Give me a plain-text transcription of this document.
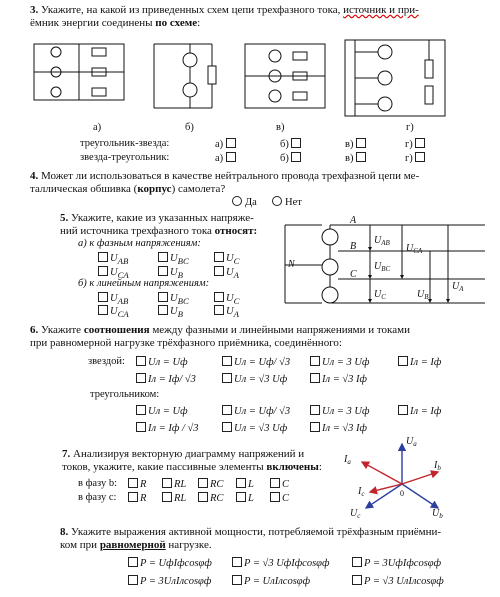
3. Укажите, на какой из приведенных схем цепи трехфазного тока, источник и при-
ёмник энергии соединены по схеме:
а)	б)	в)	г)
треугольник-звезда:	а)	б)	в)	г)
звезда-треугольник:	а)	б)	в)	г)
4. Может ли использоваться в качестве нейтрального провода трехфазной цепи ме-
таллическая обшивка (корпус) самолета?
Да	Нет
5. Укажите, какие из указанных напряже-
ний источника трехфазного тока относят:
а) к фазным напряжениям:
$U_{AB}$	$U_{BC}$	$U_C$
$U_{CA}$	$U_B$	$U_A$
б) к линейным напряжениям:
$U_{AB}$	$U_{BC}$	$U_C$
$U_{CA}$	$U_B$	$U_A$
A
B
C
N
$U_{AB}$
$U_{BC}$
$U_C$
$U_{CA}$
$U_B$
$U_A$
6. Укажите соотношения между фазными и линейными напряжениями и токами
при равномерной нагрузке трёхфазного приёмника, соединённого:
звездой:	Uл = Uф	Uл = Uф/ √3	Uл = 3 Uф	Iл = Iф
Iл = Iф/ √3	Uл = √3 Uф	Iл = √3 Iф
треугольником:
Uл = Uф	Uл = Uф/ √3	Uл = 3 Uф	Iл = Iф
Iл = Iф / √3	Uл = √3 Uф	Iл = √3 Iф
7. Анализируя векторную диаграмму напряжений и
токов, укажите, какие пассивные элементы включены:
в фазу b:	R	RL	RC	L	C
в фазу c:	R	RL	RC	L	C
$U_a$
$I_a$	$I_b$
$I_c$
$U_c$	$U_b$
0
8. Укажите выражения активной мощности, потребляемой трёхфазным приёмни-
ком при равномерной нагрузке.
P = UфIфcosφф	P = √3 UфIфcosφф	P = 3UфIфcosφф
P = 3UлIлcosφф	P = UлIлcosφф	P = √3 UлIлcosφф
